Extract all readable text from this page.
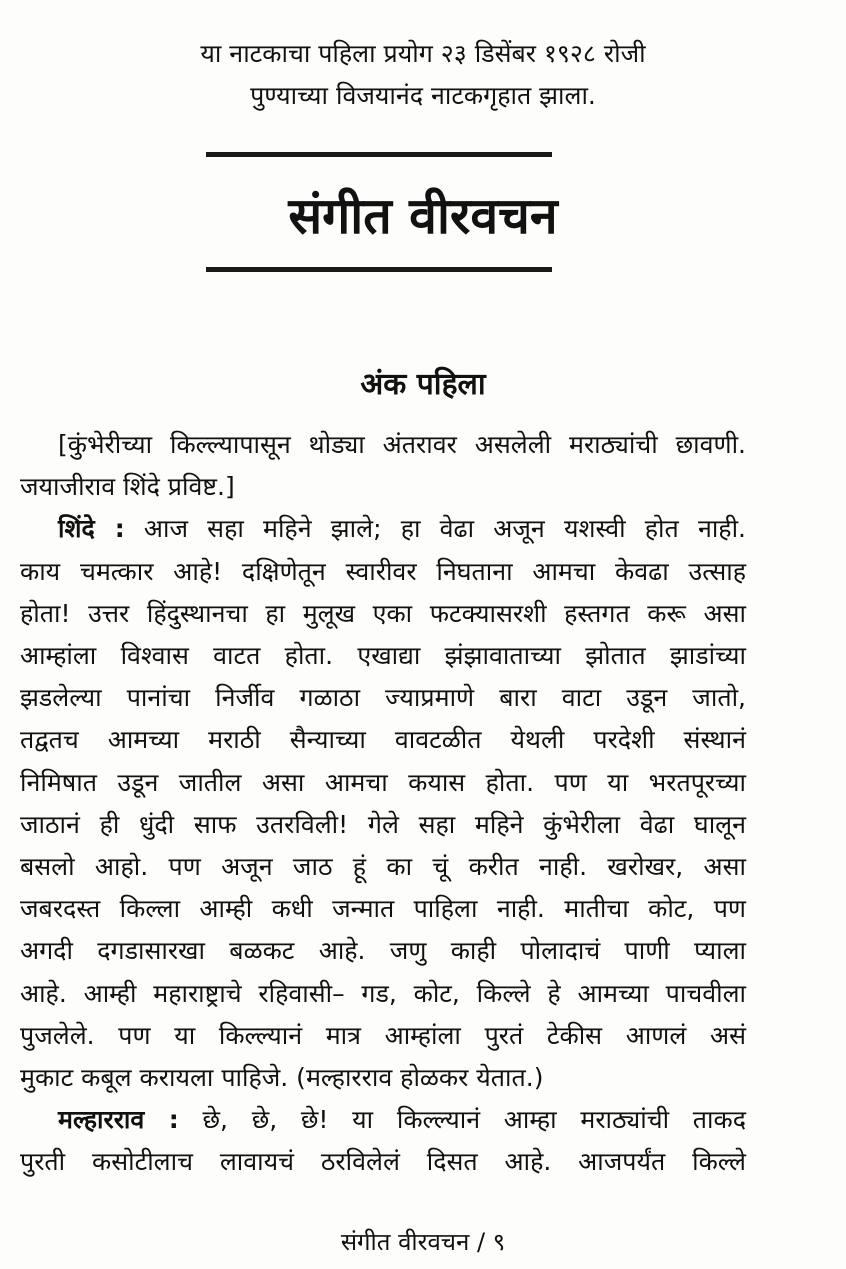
या नाटकाचा पहिला प्रयोग २३ डिसेंबर १९२८ रोजी
पुण्याच्या विजयानंद नाटकगृहात झाला.
संगीत वीरवचन
अंक पहिला
[कुंभेरीच्या किल्ल्यापासून थोड्या अंतरावर असलेली मराठ्यांची छावणी.
जयाजीराव शिंदे प्रविष्ट.]
शिंदे : आज सहा महिने झाले; हा वेढा अजून यशस्वी होत नाही.
काय चमत्कार आहे! दक्षिणेतून स्वारीवर निघताना आमचा केवढा उत्साह
होता! उत्तर हिंदुस्थानचा हा मुलूख एका फटक्यासरशी हस्तगत करू असा
आम्हांला विश्वास वाटत होता. एखाद्या झंझावाताच्या झोतात झाडांच्या
झडलेल्या पानांचा निर्जीव गळाठा ज्याप्रमाणे बारा वाटा उडून जातो,
तद्वतच आमच्या मराठी सैन्याच्या वावटळीत येथली परदेशी संस्थानं
निमिषात उडून जातील असा आमचा कयास होता. पण या भरतपूरच्या
जाठानं ही धुंदी साफ उतरविली! गेले सहा महिने कुंभेरीला वेढा घालून
बसलो आहो. पण अजून जाठ हूं का चूं करीत नाही. खरोखर, असा
जबरदस्त किल्ला आम्ही कधी जन्मात पाहिला नाही. मातीचा कोट, पण
अगदी दगडासारखा बळकट आहे. जणु काही पोलादाचं पाणी प्याला
आहे. आम्ही महाराष्ट्राचे रहिवासी– गड, कोट, किल्ले हे आमच्या पाचवीला
पुजलेले. पण या किल्ल्यानं मात्र आम्हांला पुरतं टेकीस आणलं असं
मुकाट कबूल करायला पाहिजे. (मल्हारराव होळकर येतात.)
मल्हारराव : छे, छे, छे! या किल्ल्यानं आम्हा मराठ्यांची ताकद
पुरती कसोटीलाच लावायचं ठरविलेलं दिसत आहे. आजपर्यंत किल्ले
संगीत वीरवचन / ९
